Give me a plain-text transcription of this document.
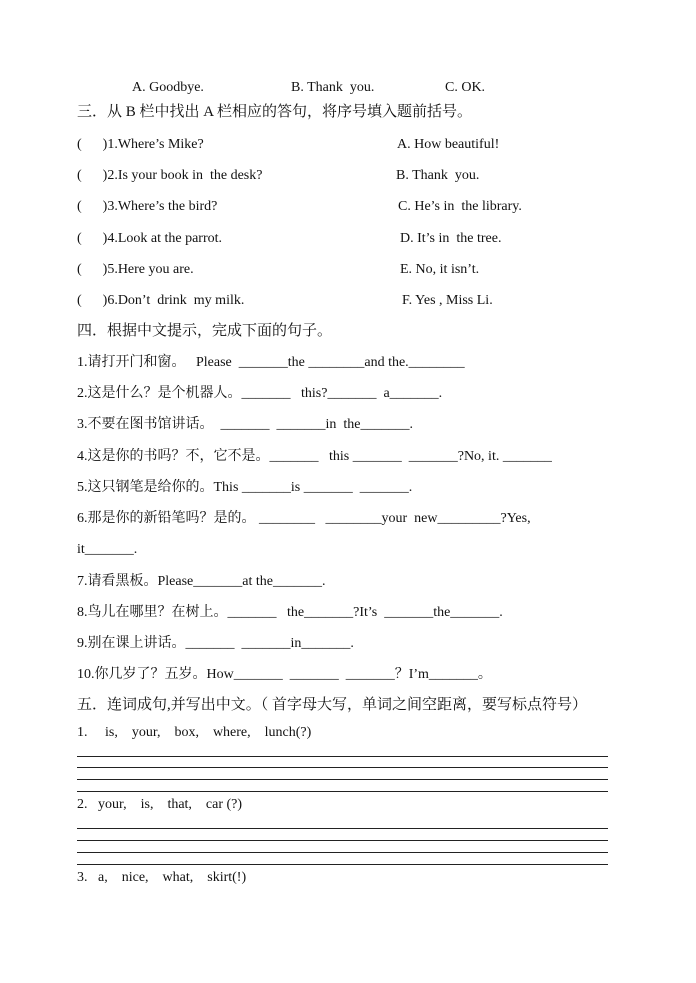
A. Goodbye.	B. Thank  you.	C. OK.
三．从 B 栏中找出 A 栏相应的答句，将序号填入题前括号。
(      )1.Where’s Mike?	A. How beautiful!
(      )2.Is your book in  the desk?	B. Thank  you.
(      )3.Where’s the bird?	C. He’s in  the library.
(      )4.Look at the parrot.	D. It’s in  the tree.
(      )5.Here you are.	E. No, it isn’t.
(      )6.Don’t  drink  my milk.	F. Yes , Miss Li.
四．根据中文提示，完成下面的句子。
1.请打开门和窗。   Please  _______the ________and the.________
2.这是什么？是个机器人。_______   this?_______  a_______.
3.不要在图书馆讲话。  _______  _______in  the_______.
4.这是你的书吗？不，它不是。_______   this _______  _______?No, it. _______
5.这只钢笔是给你的。This _______is _______  _______.
6.那是你的新铅笔吗？是的。 ________   ________your  new_________?Yes,
it_______.
7.请看黑板。Please_______at the_______.
8.鸟儿在哪里？在树上。_______   the_______?It’s  _______the_______.
9.别在课上讲话。_______  _______in_______.
10.你几岁了？五岁。How_______  _______  _______？I’m_______。
五．连词成句,并写出中文。（ 首字母大写，单词之间空距离，要写标点符号）
1.     is,    your,    box,    where,    lunch(?)
2.   your,    is,    that,    car (?)
3.   a,    nice,    what,    skirt(!)
